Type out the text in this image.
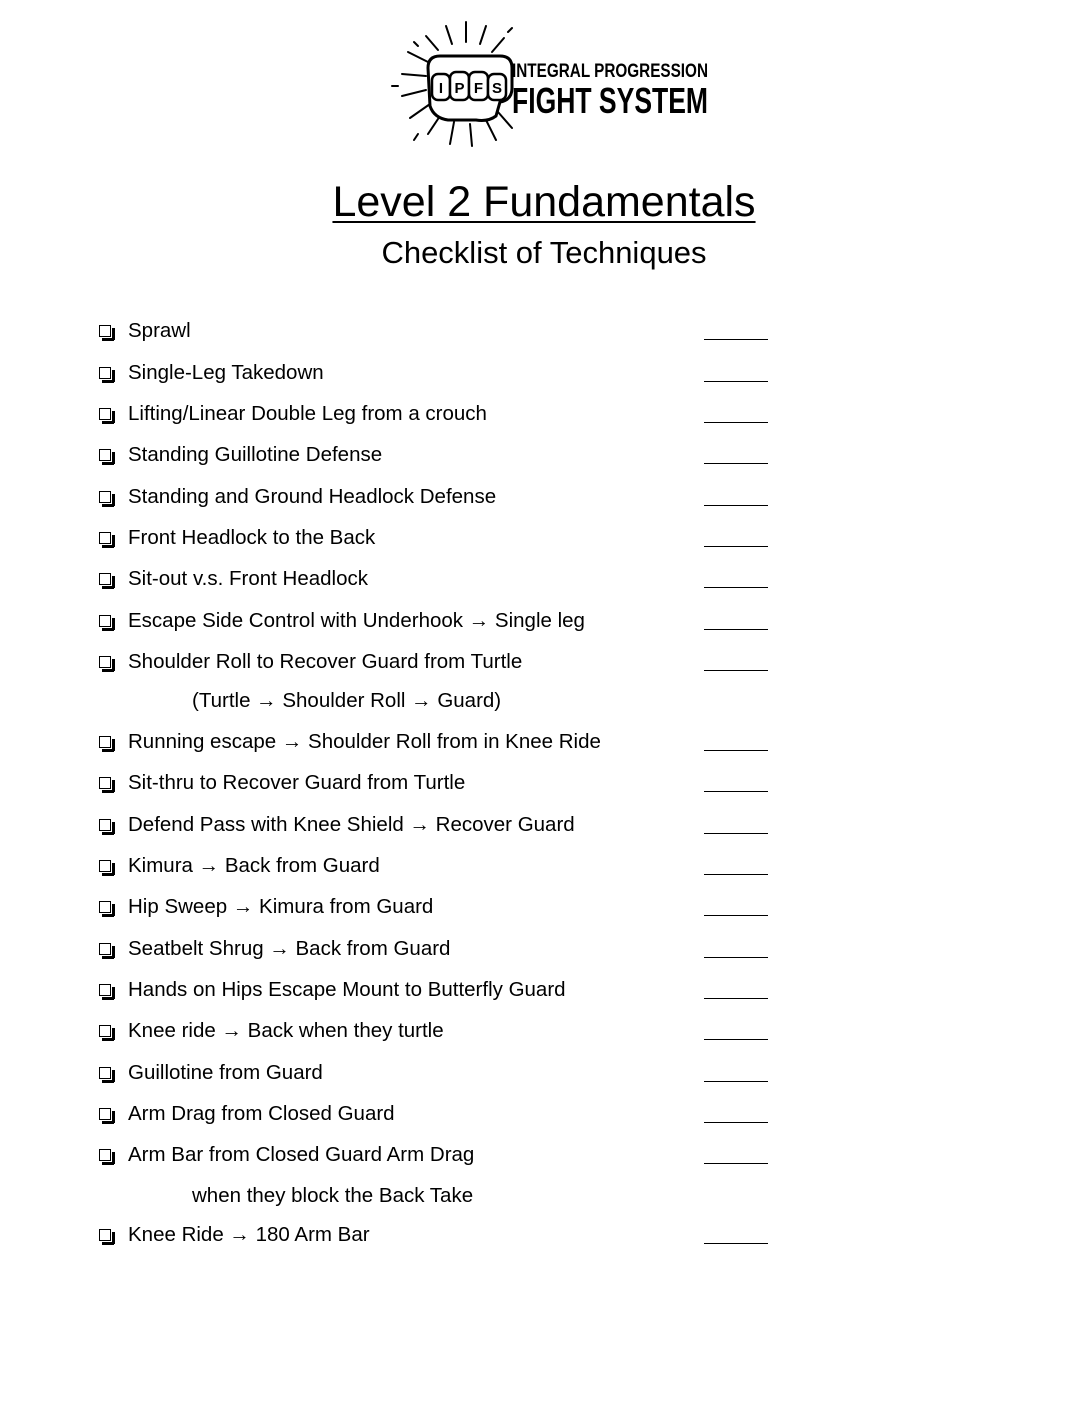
I P F S
INTEGRAL PROGRESSION
FIGHT SYSTEM
Level 2 Fundamentals
Checklist of Techniques
Sprawl
Single-Leg Takedown
Lifting/Linear Double Leg from a crouch
Standing Guillotine Defense
Standing and Ground Headlock Defense
Front Headlock to the Back
Sit-out v.s. Front Headlock
Escape Side Control with Underhook → Single leg
Shoulder Roll to Recover Guard from Turtle
(Turtle → Shoulder Roll → Guard)
Running escape → Shoulder Roll from in Knee Ride
Sit-thru to Recover Guard from Turtle
Defend Pass with Knee Shield → Recover Guard
Kimura → Back from Guard
Hip Sweep → Kimura from Guard
Seatbelt Shrug → Back from Guard
Hands on Hips Escape Mount to Butterfly Guard
Knee ride → Back when they turtle
Guillotine from Guard
Arm Drag from Closed Guard
Arm Bar from Closed Guard Arm Drag
when they block the Back Take
Knee Ride → 180 Arm Bar
